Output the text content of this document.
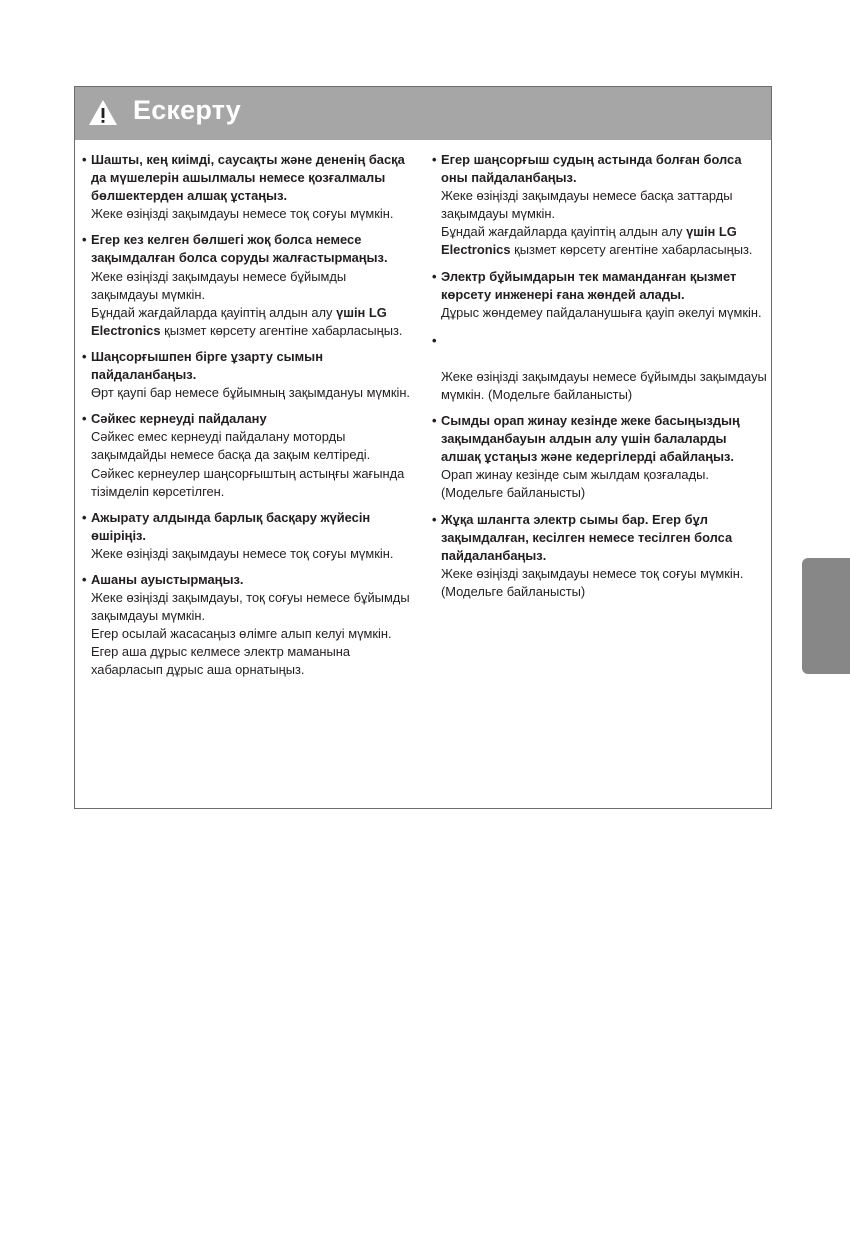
Ескерту
• Шашты, кең киімді, саусақты және дененің басқа да мүшелерін ашылмалы немесе қозғалмалы бөлшектерден алшақ ұстаңыз.
Жеке өзіңізді зақымдауы немесе тоқ соғуы мүмкін.
• Егер кез келген бөлшегі жоқ болса немесе зақымдалған болса соруды жалғастырмаңыз.
Жеке өзіңізді зақымдауы немесе бұйымды зақымдауы мүмкін.
Бұндай жағдайларда қауіптің алдын алу үшін LG Electronics қызмет көрсету агентіне хабарласыңыз.
• Шаңсорғышпен бірге ұзарту сымын пайдаланбаңыз.
Өрт қаупі бар немесе бұйымның зақымдануы мүмкін.
• Сәйкес кернеуді пайдалану
Сәйкес емес кернеуді пайдалану моторды зақымдайды немесе басқа да зақым келтіреді.
Сәйкес кернеулер шаңсорғыштың астыңғы жағында тізімделіп көрсетілген.
• Ажырату алдында барлық басқару жүйесін өшіріңіз.
Жеке өзіңізді зақымдауы немесе тоқ соғуы мүмкін.
• Ашаны ауыстырмаңыз.
Жеке өзіңізді зақымдауы, тоқ соғуы немесе бұйымды зақымдауы мүмкін.
Егер осылай жасасаңыз өлімге алып келуі мүмкін. Егер аша дұрыс келмесе электр маманына хабарласып дұрыс аша орнатыңыз.
• Егер шаңсорғыш судың астында болған болса оны пайдаланбаңыз.
Жеке өзіңізді зақымдауы немесе басқа заттарды зақымдауы мүмкін.
Бұндай жағдайларда қауіптің алдын алу үшін LG Electronics қызмет көрсету агентіне хабарласыңыз.
• Электр бұйымдарын тек маманданған қызмет көрсету инженері ғана жөндей алады.
Дұрыс жөндемеу пайдаланушыға қауіп әкелуі мүмкін.
•
Жеке өзіңізді зақымдауы немесе бұйымды зақымдауы мүмкін. (Модельге байланысты)
• Сымды орап жинау кезінде жеке басыңыздың зақымданбауын алдын алу үшін балаларды алшақ ұстаңыз және кедергілерді абайлаңыз.
Орап жинау кезінде сым жылдам қозғалады. (Модельге байланысты)
• Жұқа шлангта электр сымы бар. Егер бұл зақымдалған, кесілген немесе тесілген болса пайдаланбаңыз.
Жеке өзіңізді зақымдауы немесе тоқ соғуы мүмкін.(Модельге байланысты)
